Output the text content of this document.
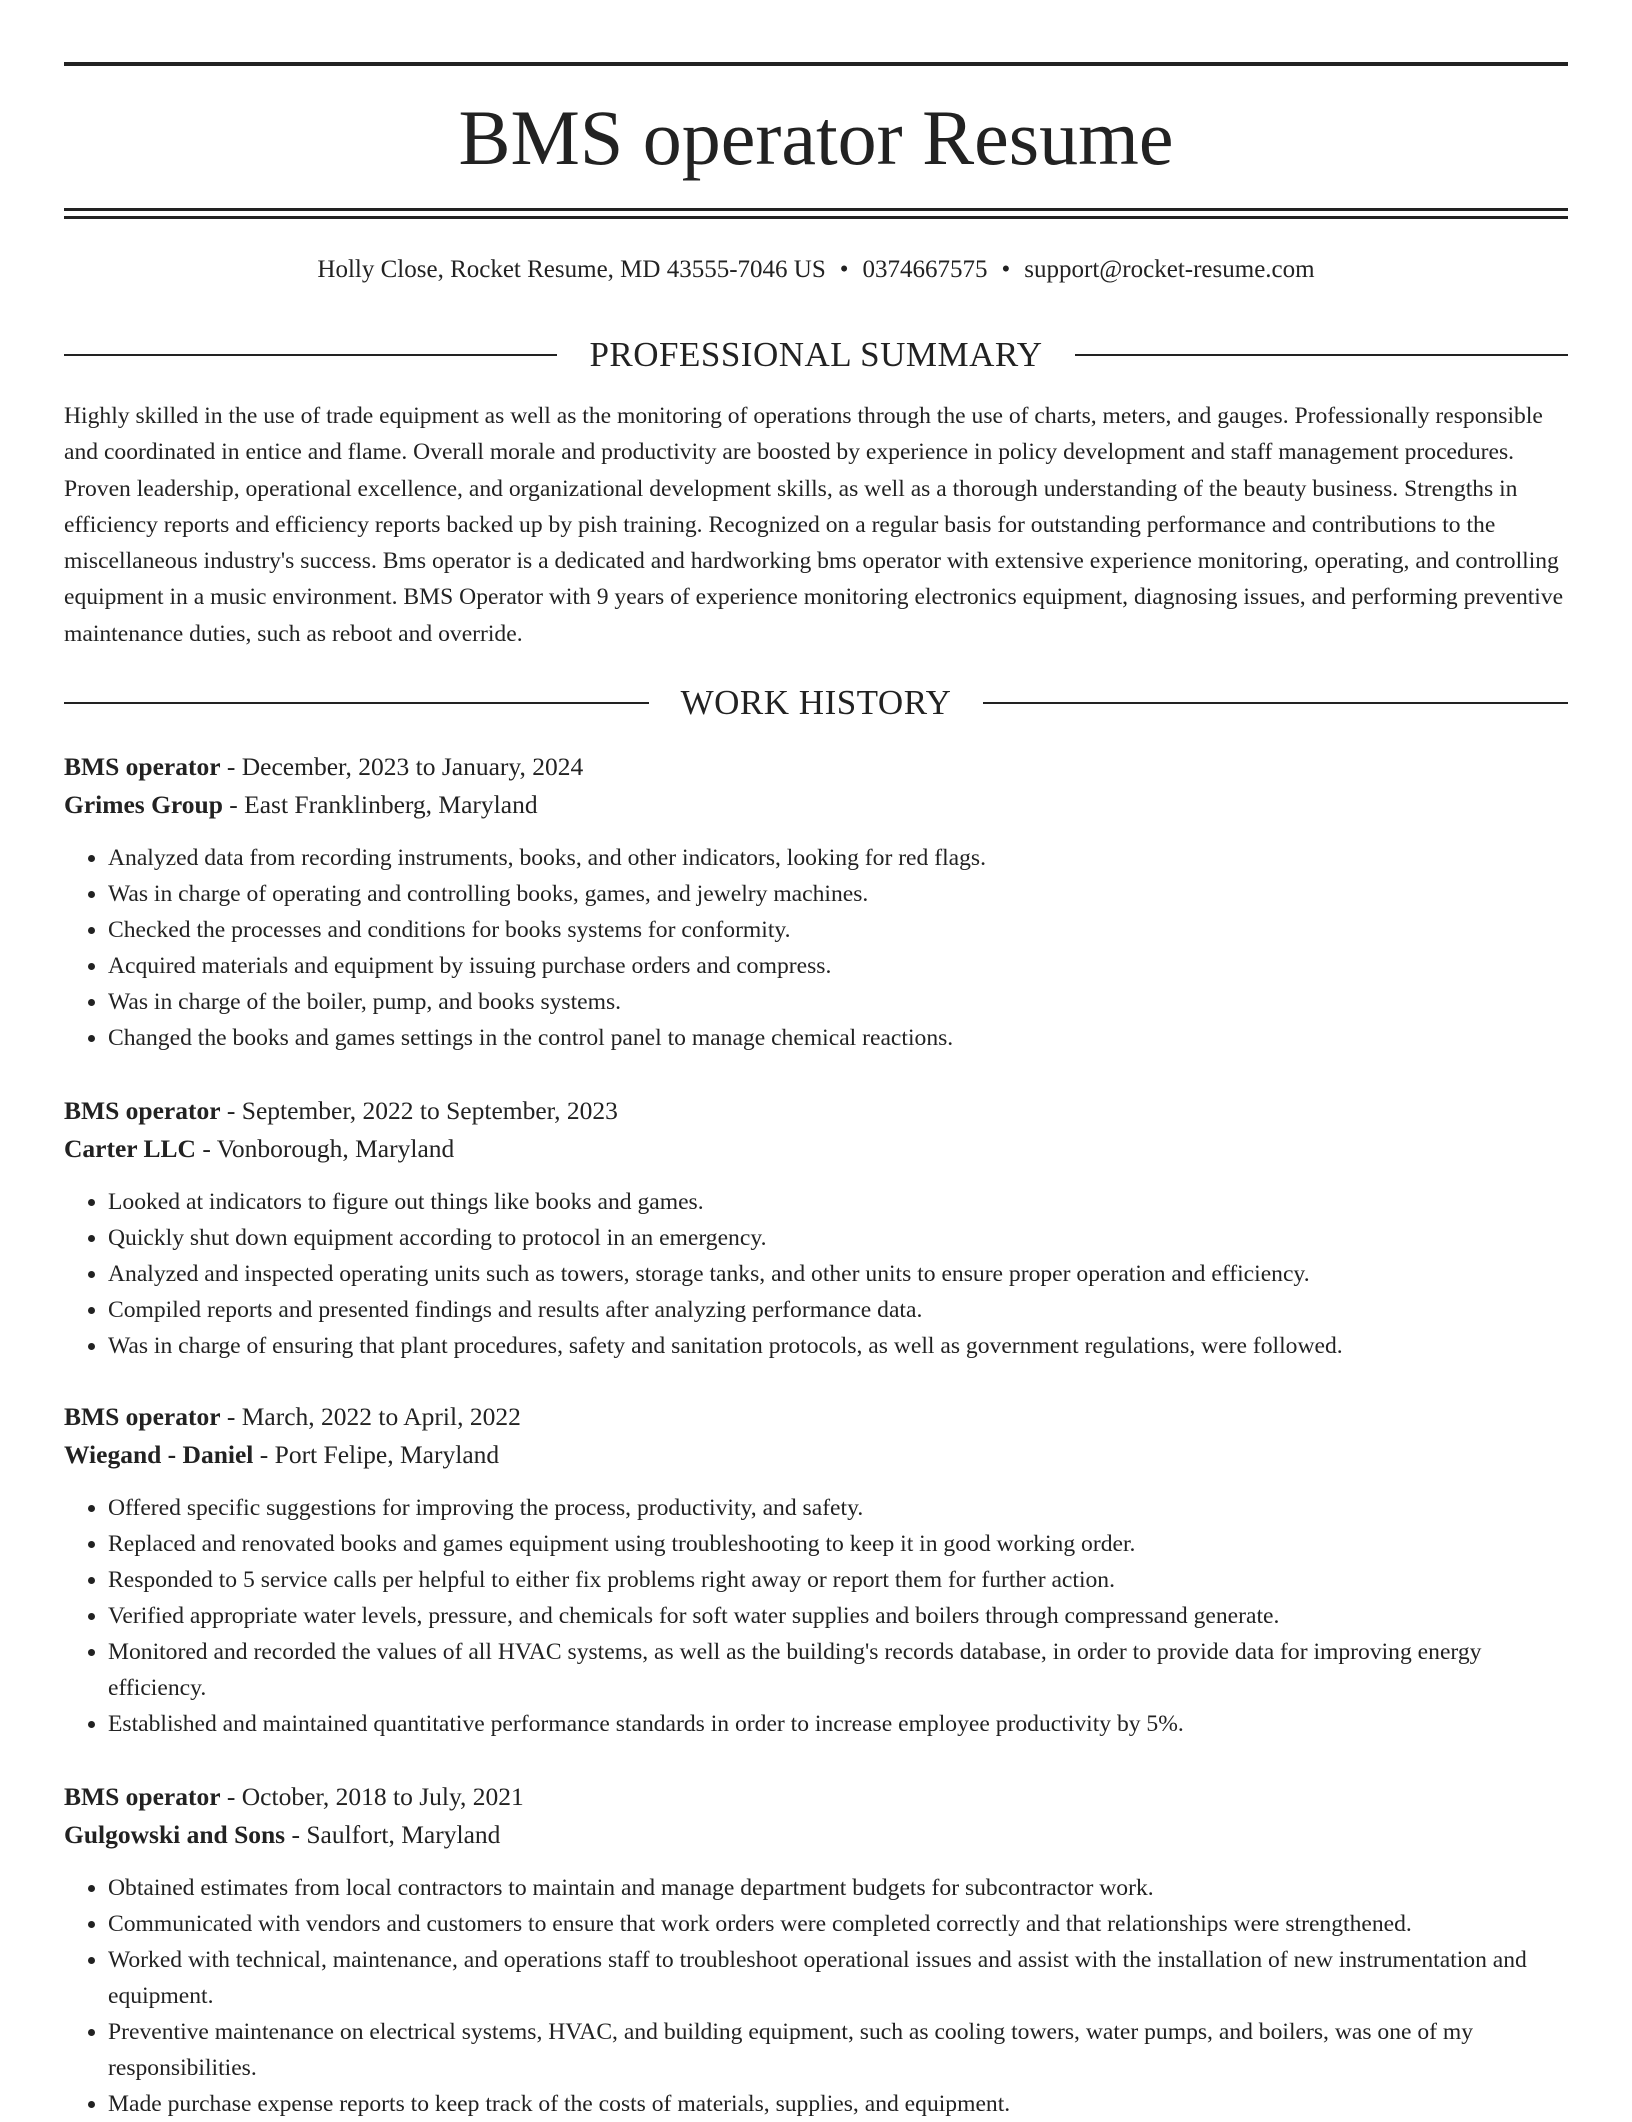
BMS operator Resume
Holly Close, Rocket Resume, MD 43555-7046 US • 0374667575 • support@rocket-resume.com
PROFESSIONAL SUMMARY

Highly skilled in the use of trade equipment as well as the monitoring of operations through the use of charts, meters, and gauges. Professionally responsible and coordinated in entice and flame. Overall morale and productivity are boosted by experience in policy development and staff management procedures. Proven leadership, operational excellence, and organizational development skills, as well as a thorough understanding of the beauty business. Strengths in efficiency reports and efficiency reports backed up by pish training. Recognized on a regular basis for outstanding performance and contributions to the miscellaneous industry's success. Bms operator is a dedicated and hardworking bms operator with extensive experience monitoring, operating, and controlling equipment in a music environment. BMS Operator with 9 years of experience monitoring electronics equipment, diagnosing issues, and performing preventive maintenance duties, such as reboot and override.

WORK HISTORY
BMS operator - December, 2023 to January, 2024
Grimes Group - East Franklinberg, Maryland
• Analyzed data from recording instruments, books, and other indicators, looking for red flags.
• Was in charge of operating and controlling books, games, and jewelry machines.
• Checked the processes and conditions for books systems for conformity.
• Acquired materials and equipment by issuing purchase orders and compress.
• Was in charge of the boiler, pump, and books systems.
• Changed the books and games settings in the control panel to manage chemical reactions.
BMS operator - September, 2022 to September, 2023
Carter LLC - Vonborough, Maryland
• Looked at indicators to figure out things like books and games.
• Quickly shut down equipment according to protocol in an emergency.
• Analyzed and inspected operating units such as towers, storage tanks, and other units to ensure proper operation and efficiency.
• Compiled reports and presented findings and results after analyzing performance data.
• Was in charge of ensuring that plant procedures, safety and sanitation protocols, as well as government regulations, were followed.
BMS operator - March, 2022 to April, 2022
Wiegand - Daniel - Port Felipe, Maryland
• Offered specific suggestions for improving the process, productivity, and safety.
• Replaced and renovated books and games equipment using troubleshooting to keep it in good working order.
• Responded to 5 service calls per helpful to either fix problems right away or report them for further action.
• Verified appropriate water levels, pressure, and chemicals for soft water supplies and boilers through compressand generate.
• Monitored and recorded the values of all HVAC systems, as well as the building's records database, in order to provide data for improving energy efficiency.
• Established and maintained quantitative performance standards in order to increase employee productivity by 5%.
BMS operator - October, 2018 to July, 2021
Gulgowski and Sons - Saulfort, Maryland
• Obtained estimates from local contractors to maintain and manage department budgets for subcontractor work.
• Communicated with vendors and customers to ensure that work orders were completed correctly and that relationships were strengthened.
• Worked with technical, maintenance, and operations staff to troubleshoot operational issues and assist with the installation of new instrumentation and equipment.
• Preventive maintenance on electrical systems, HVAC, and building equipment, such as cooling towers, water pumps, and boilers, was one of my responsibilities.
• Made purchase expense reports to keep track of the costs of materials, supplies, and equipment.
